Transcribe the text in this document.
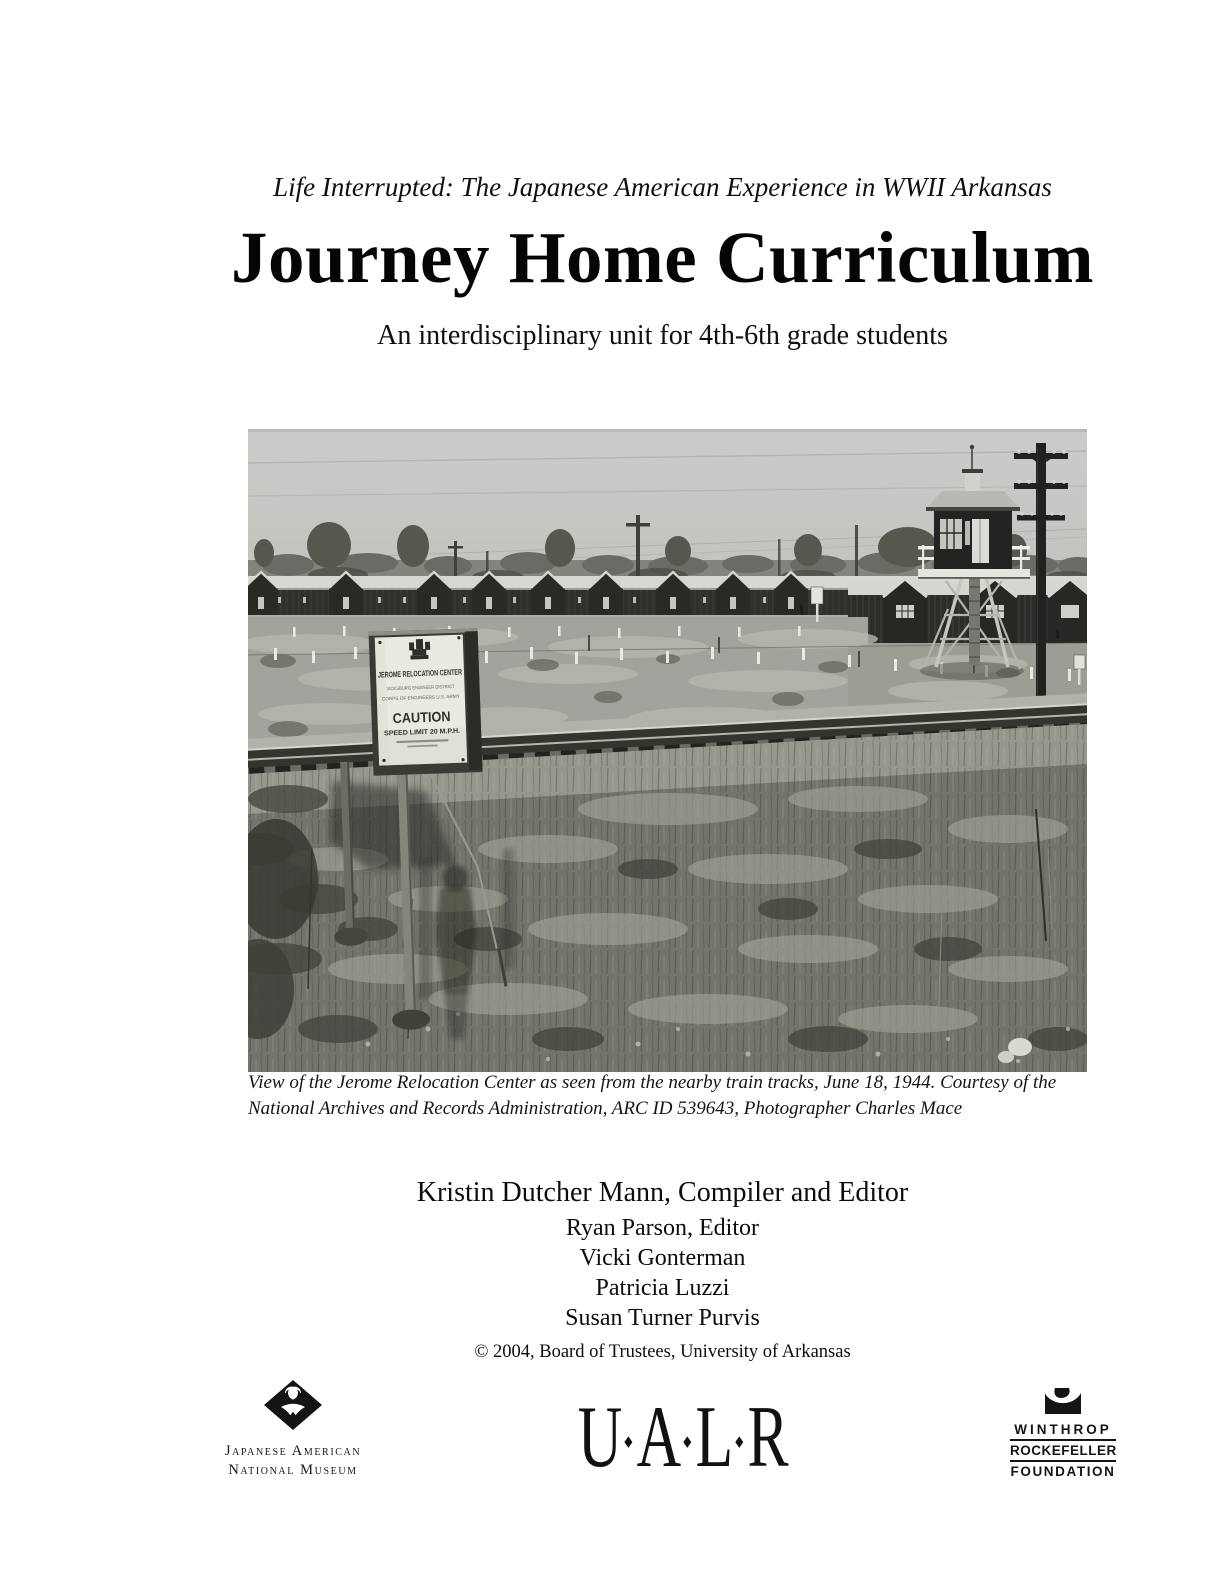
Life Interrupted: The Japanese American Experience in WWII Arkansas
Journey Home Curriculum
An interdisciplinary unit for 4th-6th grade students
JEROME RELOCATION CENTER
VICKSBURG ENGINEER DISTRICT
CORPS OF ENGINEERS U.S. ARMY
CAUTION
SPEED LIMIT 20 M.P.H.
View of the Jerome Relocation Center as seen from the nearby train tracks, June 18, 1944. Courtesy of the
National Archives and Records Administration, ARC ID 539643, Photographer Charles Mace
Kristin Dutcher Mann, Compiler and Editor
Ryan Parson, Editor
Vicki Gonterman
Patricia Luzzi
Susan Turner Purvis
© 2004, Board of Trustees, University of Arkansas
Japanese American
National Museum U ◆ A ◆ L ◆ R	WINTHROP
ROCKEFELLER
FOUNDATION
